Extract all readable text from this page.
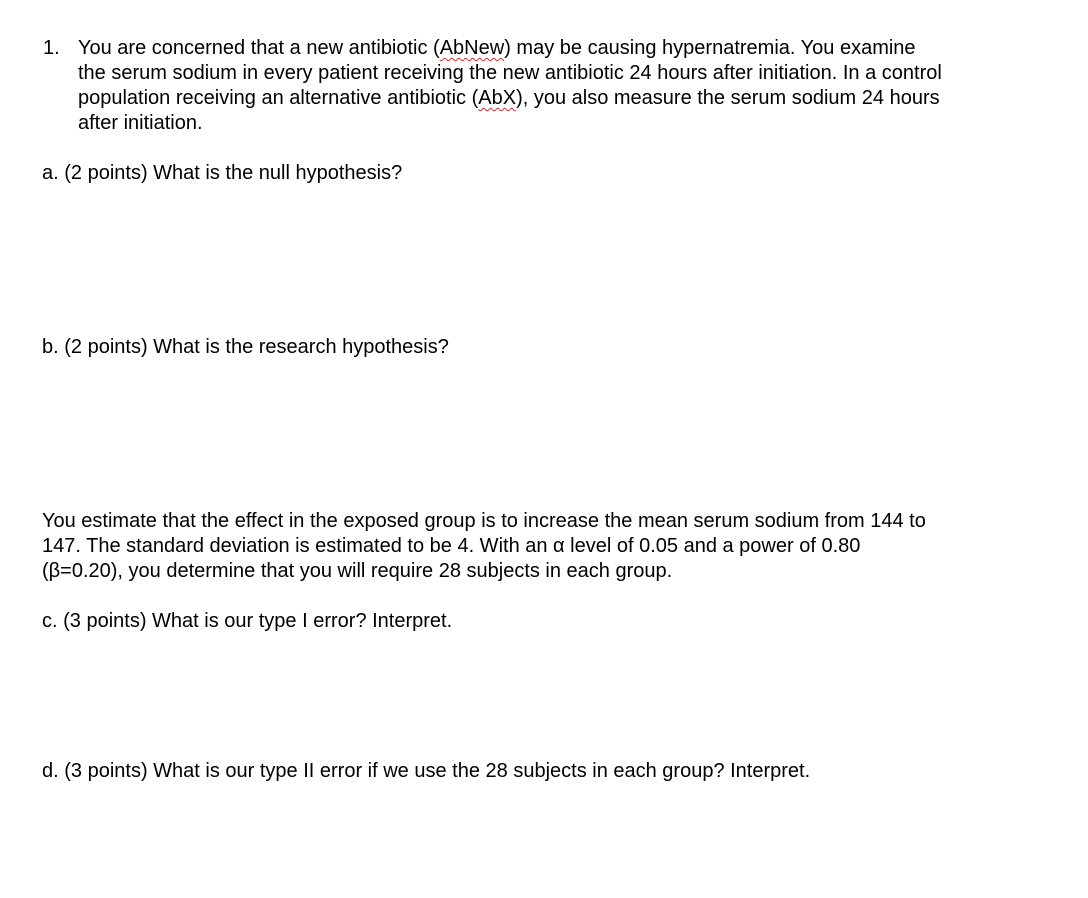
1. You are concerned that a new antibiotic (AbNew) may be causing hypernatremia. You examine
the serum sodium in every patient receiving the new antibiotic 24 hours after initiation. In a control
population receiving an alternative antibiotic (AbX), you also measure the serum sodium 24 hours
after initiation.
a. (2 points) What is the null hypothesis?
b. (2 points) What is the research hypothesis?
You estimate that the effect in the exposed group is to increase the mean serum sodium from 144 to
147. The standard deviation is estimated to be 4. With an α level of 0.05 and a power of 0.80
(β=0.20), you determine that you will require 28 subjects in each group.
c. (3 points) What is our type I error? Interpret.
d. (3 points) What is our type II error if we use the 28 subjects in each group? Interpret.
